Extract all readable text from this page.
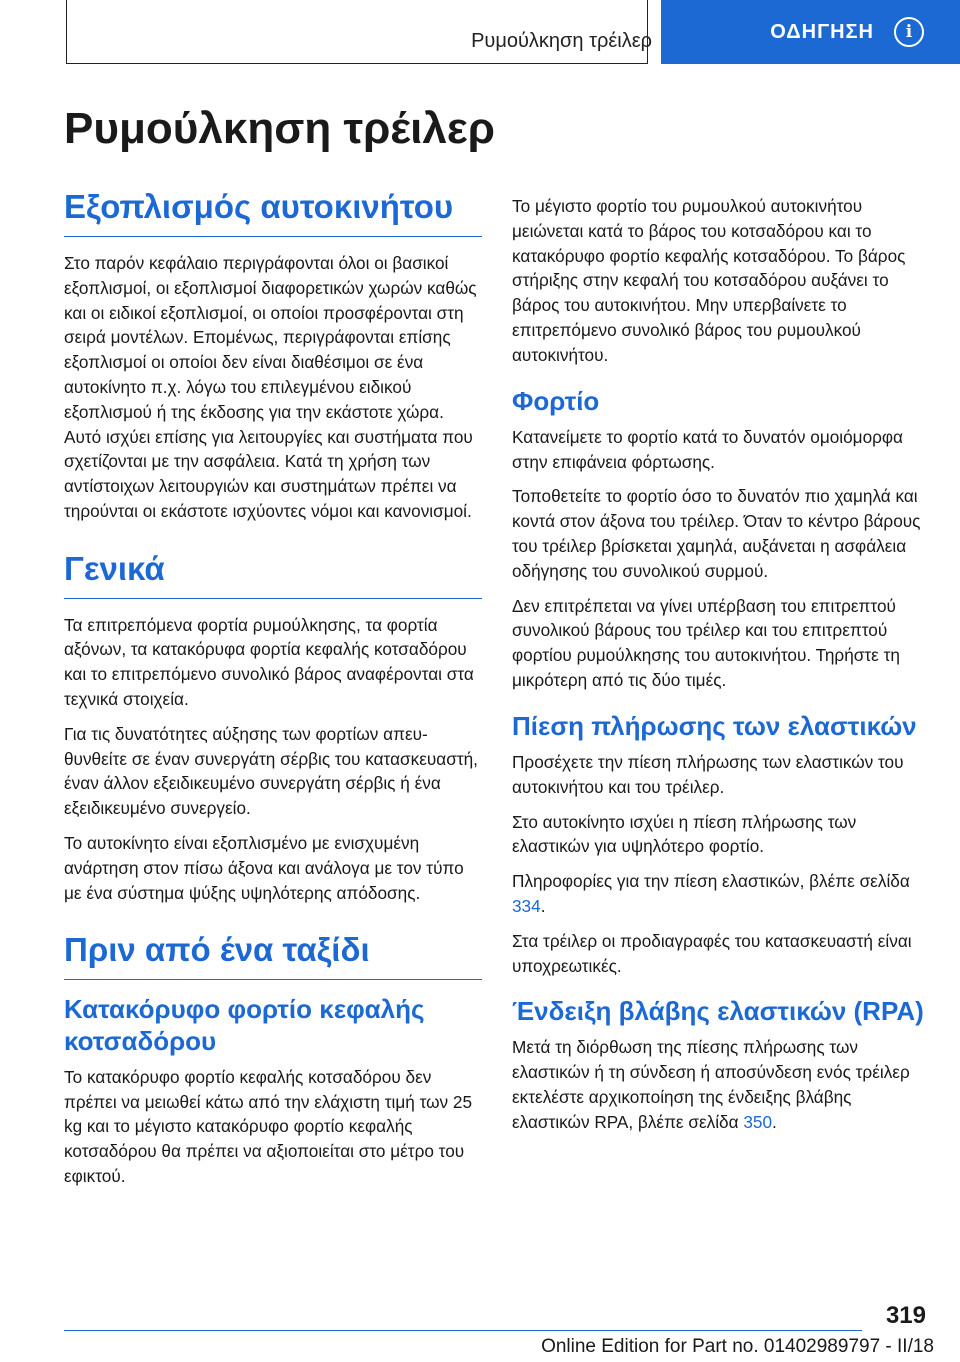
Ρυμούλκηση τρέιλερ	ΟΔΗΓΗΣΗ	i
Ρυμούλκηση τρέιλερ
Εξοπλισμός αυτοκινήτου

Στο παρόν κεφάλαιο περιγράφονται όλοι οι βασικοί εξοπλισμοί, οι εξοπλισμοί διαφορετικών χωρών καθώς και οι ειδικοί εξοπλισμοί, οι οποίοι προσφέρονται στη σειρά μοντέλων. Επομένως, περιγράφονται επίσης εξοπλισμοί οι οποίοι δεν είναι διαθέσιμοι σε ένα αυτοκίνητο π.χ. λόγω του επιλεγμένου ειδικού εξοπλισμού ή της έκδοσης για την εκάστοτε χώρα. Αυτό ισχύει επίσης για λειτουργίες και συστήματα που σχετίζονται με την ασφάλεια. Κατά τη χρήση των αντίστοιχων λειτουργιών και συστημάτων πρέπει να τηρούνται οι εκάστοτε ισχύοντες νόμοι και κανονισμοί.

Γενικά

Τα επιτρεπόμενα φορτία ρυμούλκησης, τα φορτία αξόνων, τα κατακόρυφα φορτία κεφαλής κοτσαδόρου και το επιτρεπόμενο συνολικό βάρος αναφέρονται στα τεχνικά στοιχεία.

Για τις δυνατότητες αύξησης των φορτίων απευθυνθείτε σε έναν συνεργάτη σέρβις του κατασκευαστή, έναν άλλον εξειδικευμένο συνεργάτη σέρβις ή ένα εξειδικευμένο συνεργείο.

Το αυτοκίνητο είναι εξοπλισμένο με ενισχυμένη ανάρτηση στον πίσω άξονα και ανάλογα με τον τύπο με ένα σύστημα ψύξης υψηλότερης απόδοσης.

Πριν από ένα ταξίδι
Κατακόρυφο φορτίο κεφαλής κοτσαδόρου

Το κατακόρυφο φορτίο κεφαλής κοτσαδόρου δεν πρέπει να μειωθεί κάτω από την ελάχιστη τιμή των 25 kg και το μέγιστο κατακόρυφο φορτίο κεφαλής κοτσαδόρου θα πρέπει να αξιοποιείται στο μέτρο του εφικτού.

Το μέγιστο φορτίο του ρυμουλκού αυτοκινήτου μειώνεται κατά το βάρος του κοτσαδόρου και το κατακόρυφο φορτίο κεφαλής κοτσαδόρου. Το βάρος στήριξης στην κεφαλή του κοτσαδόρου αυξάνει το βάρος του αυτοκινήτου. Μην υπερβαίνετε το επιτρεπόμενο συνολικό βάρος του ρυμουλκού αυτοκινήτου.

Φορτίο

Κατανείμετε το φορτίο κατά το δυνατόν ομοιόμορφα στην επιφάνεια φόρτωσης.

Τοποθετείτε το φορτίο όσο το δυνατόν πιο χαμηλά και κοντά στον άξονα του τρέιλερ. Όταν το κέντρο βάρους του τρέιλερ βρίσκεται χαμηλά, αυξάνεται η ασφάλεια οδήγησης του συνολικού συρμού.

Δεν επιτρέπεται να γίνει υπέρβαση του επιτρεπτού συνολικού βάρους του τρέιλερ και του επιτρεπτού φορτίου ρυμούλκησης του αυτοκινήτου. Τηρήστε τη μικρότερη από τις δύο τιμές.

Πίεση πλήρωσης των ελαστικών

Προσέχετε την πίεση πλήρωσης των ελαστικών του αυτοκινήτου και του τρέιλερ.

Στο αυτοκίνητο ισχύει η πίεση πλήρωσης των ελαστικών για υψηλότερο φορτίο.

Πληροφορίες για την πίεση ελαστικών, βλέπε σελίδα 334.

Στα τρέιλερ οι προδιαγραφές του κατασκευαστή είναι υποχρεωτικές.

Ένδειξη βλάβης ελαστικών (RPA)

Μετά τη διόρθωση της πίεσης πλήρωσης των ελαστικών ή τη σύνδεση ή αποσύνδεση ενός τρέιλερ εκτελέστε αρχικοποίηση της ένδειξης βλάβης ελαστικών RPA, βλέπε σελίδα 350.

319
Online Edition for Part no. 01402989797 - II/18
